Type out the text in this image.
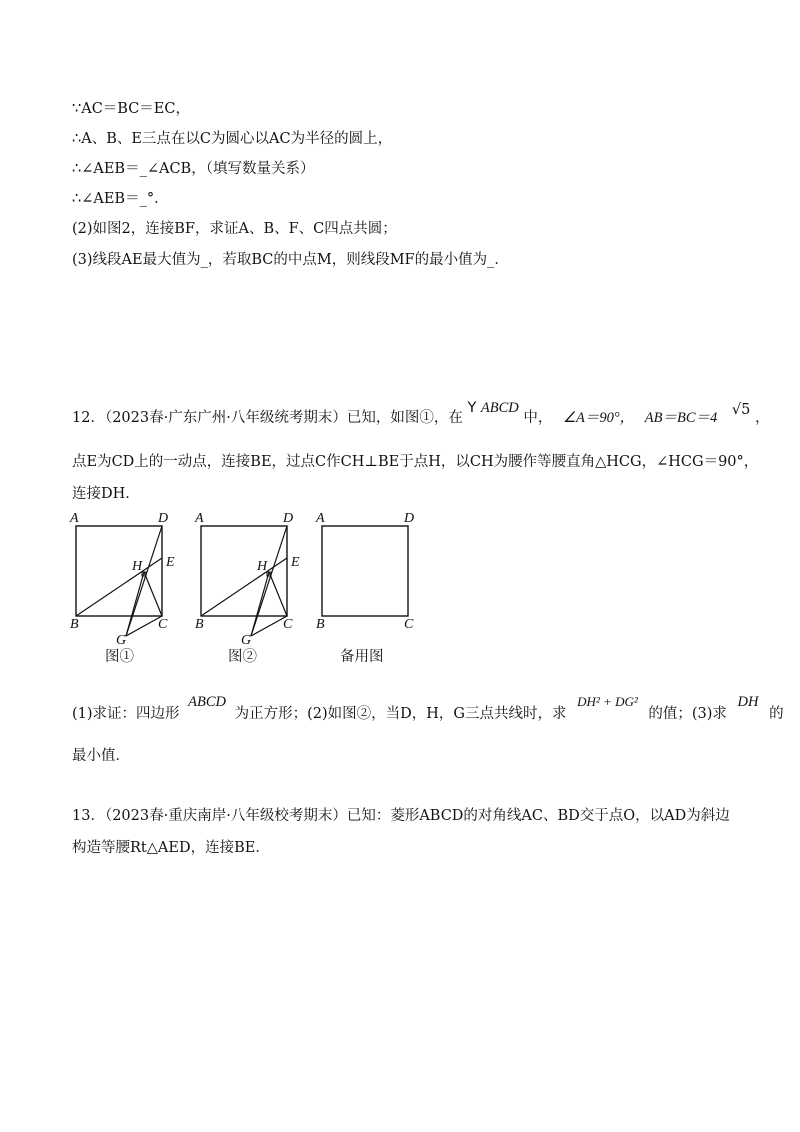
∵AC＝BC＝EC，
∴A、B、E三点在以C为圆心以AC为半径的圆上，
∴∠AEB＝_∠ACB，（填写数量关系）
∴∠AEB＝_°．
(2)如图2，连接BF，求证A、B、F、C四点共圆；
(3)线段AE最大值为_，若取BC的中点M，则线段MF的最小值为_．
12．（2023春·广东广州·八年级统考期末）已知，如图①，在 Y ABCD 中， ∠A＝90°， AB＝BC＝4 √5 ，
点E为CD上的一动点，连接BE，过点C作CH⊥BE于点H，以CH为腰作等腰直角△HCG，∠HCG＝90°，
连接DH．
A	D
E
H
B	C
G
A	D
E
H
B	C
G
A	D
B	C
图①	图②	备用图
(1)求证：四边形 ABCD 为正方形；(2)如图②，当D，H，G三点共线时，求 DH² + DG² 的值；(3)求 DH 的
最小值．
13．（2023春·重庆南岸·八年级校考期末）已知：菱形ABCD的对角线AC、BD交于点O，以AD为斜边
构造等腰Rt△AED，连接BE．
